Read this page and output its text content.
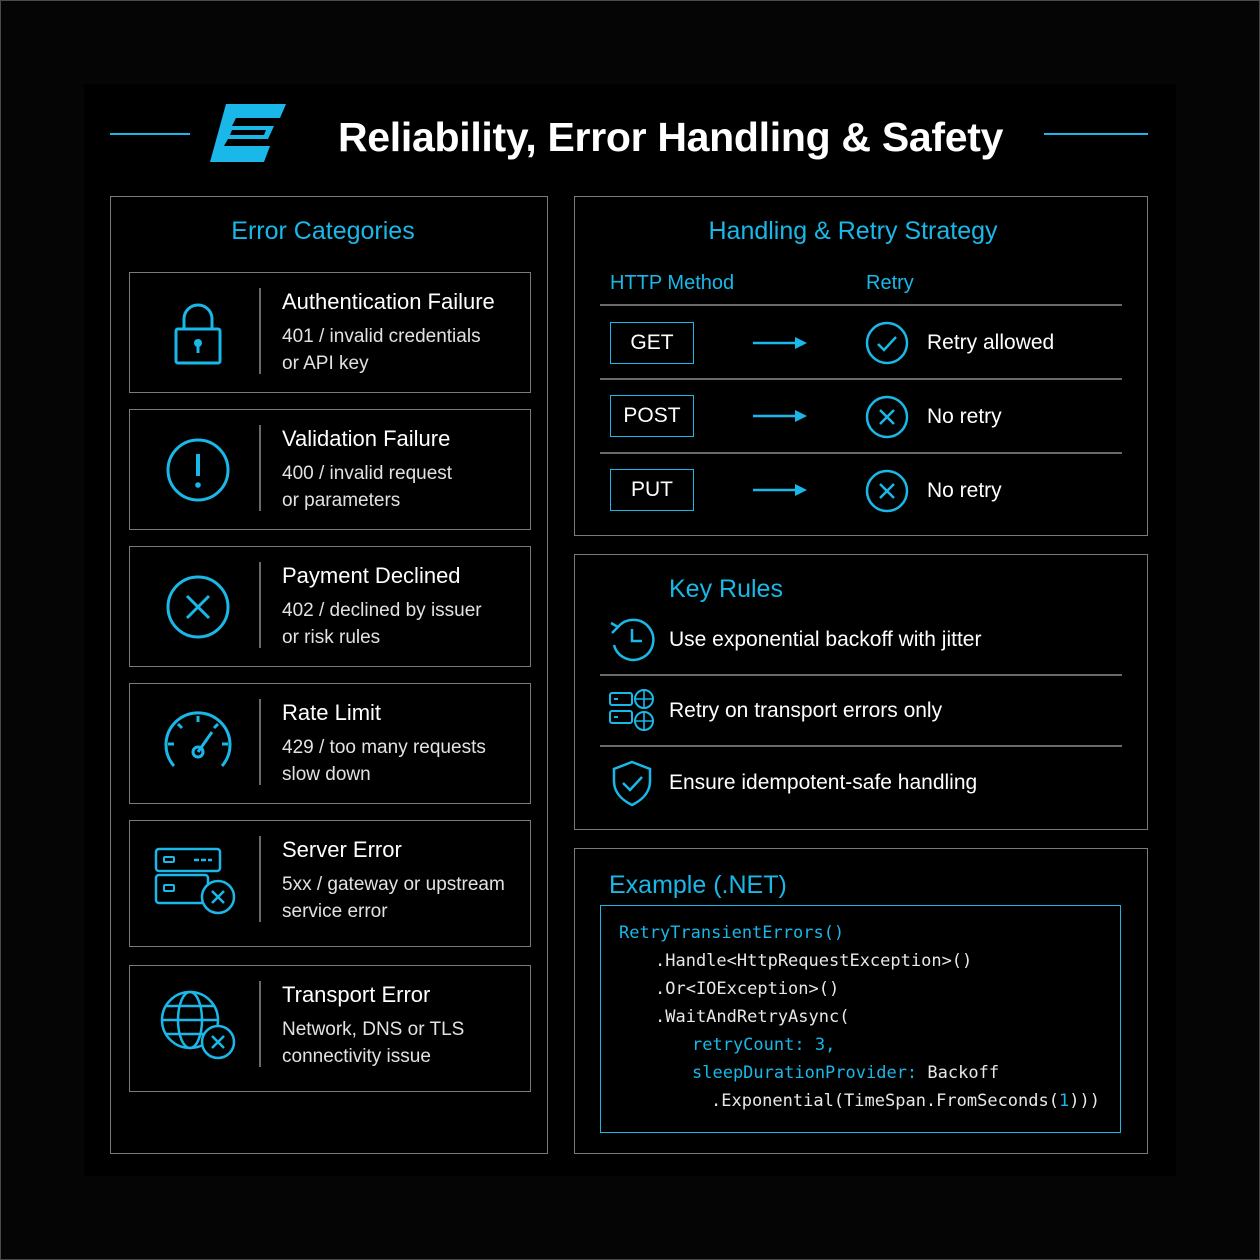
Reliability, Error Handling & Safety
Error Categories
Authentication Failure
401 / invalid credentials
or API key
Validation Failure
400 / invalid request
or parameters
Payment Declined
402 / declined by issuer
or risk rules
Rate Limit
429 / too many requests
slow down
Server Error
5xx / gateway or upstream
service error
Transport Error
Network, DNS or TLS
connectivity issue
Handling & Retry Strategy
HTTP Method	Retry
GET	Retry allowed
POST	No retry
PUT	No retry
Key Rules
Use exponential backoff with jitter
Retry on transport errors only
Ensure idempotent-safe handling
Example (.NET)
RetryTransientErrors()
.Handle<HttpRequestException>()
.Or<IOException>()
.WaitAndRetryAsync(
retryCount: 3,
sleepDurationProvider: Backoff
.Exponential(TimeSpan.FromSeconds(1)))
